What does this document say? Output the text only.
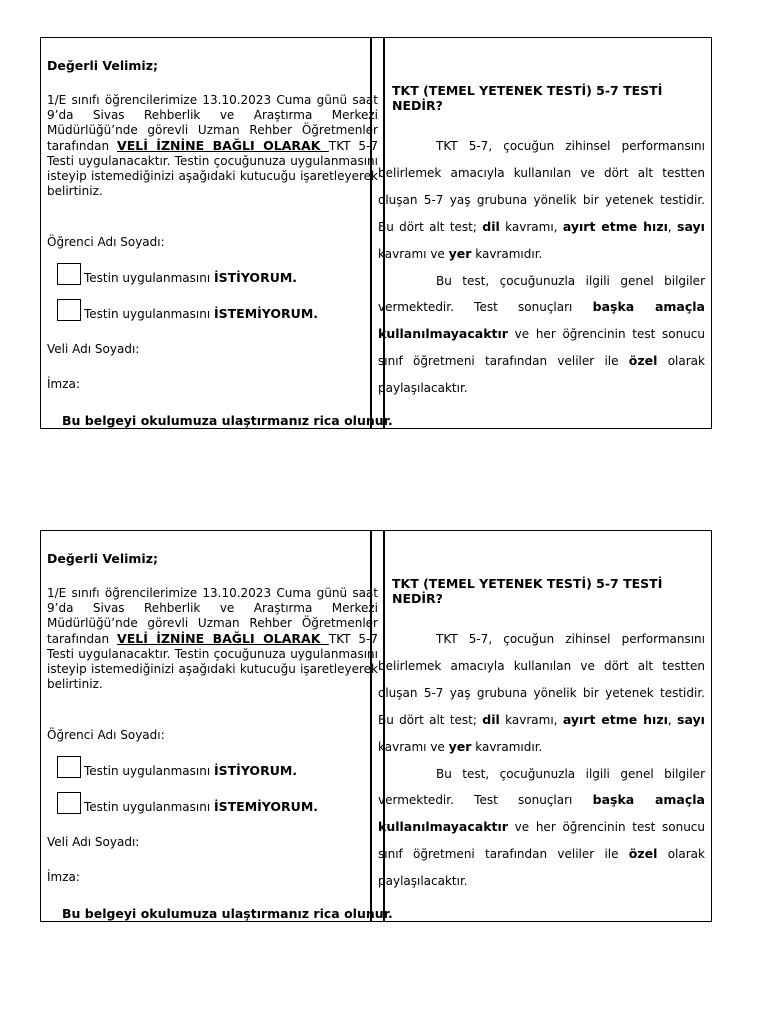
Değerli Velimiz;
1/E sınıfı öğrencilerimize 13.10.2023 Cuma günü saat 9’da Sivas Rehberlik ve Araştırma Merkezi Müdürlüğü’nde görevli Uzman Rehber Öğretmenler tarafından VELİ İZNİNE BAĞLI OLARAK TKT 5-7 Testi uygulanacaktır. Testin çocuğunuza uygulanmasını isteyip istemediğinizi aşağıdaki kutucuğu işaretleyerek belirtiniz.
Öğrenci Adı Soyadı:
Testin uygulanmasını İSTİYORUM.
Testin uygulanmasını İSTEMİYORUM.
Veli Adı Soyadı:
İmza:
Bu belgeyi okulumuza ulaştırmanız rica olunur.
TKT (TEMEL YETENEK TESTİ) 5-7 TESTİ NEDİR?

TKT 5-7, çocuğun zihinsel performansını belirlemek amacıyla kullanılan ve dört alt testten oluşan 5-7 yaş grubuna yönelik bir yetenek testidir. Bu dört alt test; dil kavramı, ayırt etme hızı, sayı kavramı ve yer kavramıdır.

Bu test, çocuğunuzla ilgili genel bilgiler vermektedir. Test sonuçları başka amaçla kullanılmayacaktır ve her öğrencinin test sonucu sınıf öğretmeni tarafından veliler ile özel olarak paylaşılacaktır.

Değerli Velimiz;
1/E sınıfı öğrencilerimize 13.10.2023 Cuma günü saat 9’da Sivas Rehberlik ve Araştırma Merkezi Müdürlüğü’nde görevli Uzman Rehber Öğretmenler tarafından VELİ İZNİNE BAĞLI OLARAK TKT 5-7 Testi uygulanacaktır. Testin çocuğunuza uygulanmasını isteyip istemediğinizi aşağıdaki kutucuğu işaretleyerek belirtiniz.
Öğrenci Adı Soyadı:
Testin uygulanmasını İSTİYORUM.
Testin uygulanmasını İSTEMİYORUM.
Veli Adı Soyadı:
İmza:
Bu belgeyi okulumuza ulaştırmanız rica olunur.
TKT (TEMEL YETENEK TESTİ) 5-7 TESTİ NEDİR?

TKT 5-7, çocuğun zihinsel performansını belirlemek amacıyla kullanılan ve dört alt testten oluşan 5-7 yaş grubuna yönelik bir yetenek testidir. Bu dört alt test; dil kavramı, ayırt etme hızı, sayı kavramı ve yer kavramıdır.

Bu test, çocuğunuzla ilgili genel bilgiler vermektedir. Test sonuçları başka amaçla kullanılmayacaktır ve her öğrencinin test sonucu sınıf öğretmeni tarafından veliler ile özel olarak paylaşılacaktır.
